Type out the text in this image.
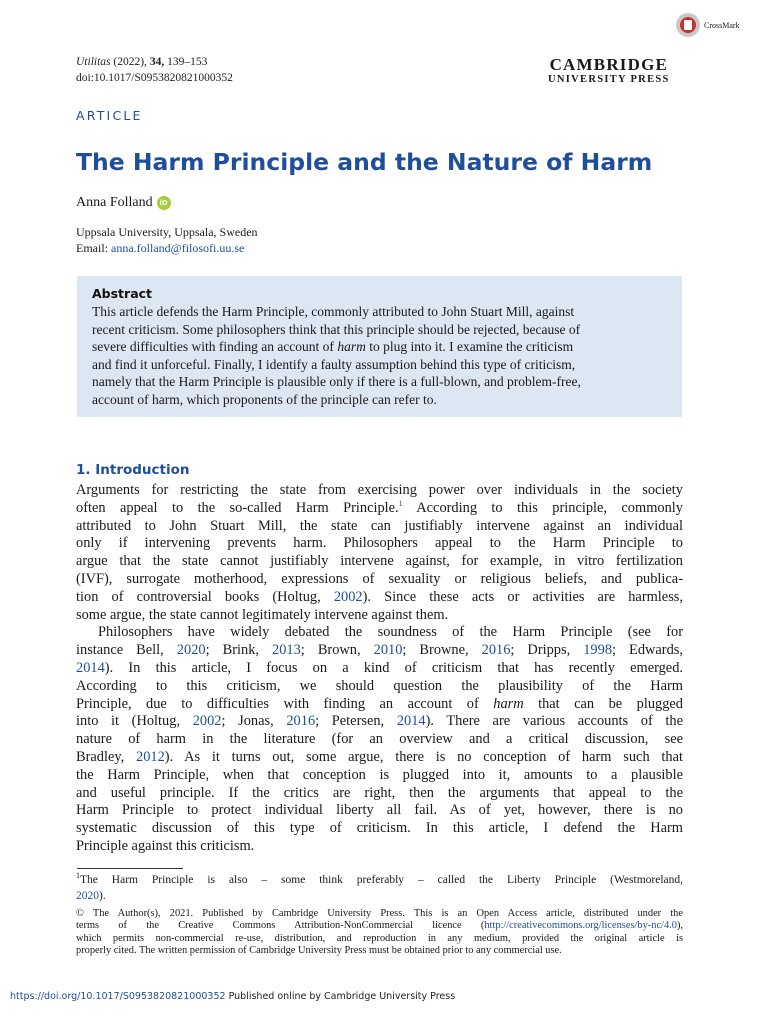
Utilitas (2022), 34, 139–153
doi:10.1017/S0953820821000352
CrossMark
CAMBRIDGE
UNIVERSITY PRESS
ARTICLE
The Harm Principle and the Nature of Harm
Anna Folland iD
Uppsala University, Uppsala, Sweden
Email: anna.folland@filosofi.uu.se
Abstract

This article defends the Harm Principle, commonly attributed to John Stuart Mill, against

recent criticism. Some philosophers think that this principle should be rejected, because of

severe difficulties with finding an account of harm to plug into it. I examine the criticism

and find it unforceful. Finally, I identify a faulty assumption behind this type of criticism,

namely that the Harm Principle is plausible only if there is a full-blown, and problem-free,

account of harm, which proponents of the principle can refer to.

1. Introduction
Arguments for restricting the state from exercising power over individuals in the society
often appeal to the so-called Harm Principle.$^1$ According to this principle, commonly
attributed to John Stuart Mill, the state can justifiably intervene against an individual
only if intervening prevents harm. Philosophers appeal to the Harm Principle to
argue that the state cannot justifiably intervene against, for example, in vitro fertilization
(IVF), surrogate motherhood, expressions of sexuality or religious beliefs, and publica-
tion of controversial books (Holtug, 2002). Since these acts or activities are harmless,
some argue, the state cannot legitimately intervene against them.
Philosophers have widely debated the soundness of the Harm Principle (see for
instance Bell, 2020; Brink, 2013; Brown, 2010; Browne, 2016; Dripps, 1998; Edwards,
2014). In this article, I focus on a kind of criticism that has recently emerged.
According to this criticism, we should question the plausibility of the Harm
Principle, due to difficulties with finding an account of harm that can be plugged
into it (Holtug, 2002; Jonas, 2016; Petersen, 2014). There are various accounts of the
nature of harm in the literature (for an overview and a critical discussion, see
Bradley, 2012). As it turns out, some argue, there is no conception of harm such that
the Harm Principle, when that conception is plugged into it, amounts to a plausible
and useful principle. If the critics are right, then the arguments that appeal to the
Harm Principle to protect individual liberty all fail. As of yet, however, there is no
systematic discussion of this type of criticism. In this article, I defend the Harm
Principle against this criticism.
$^1$The Harm Principle is also – some think preferably – called the Liberty Principle (Westmoreland,
2020).
© The Author(s), 2021. Published by Cambridge University Press. This is an Open Access article, distributed under the
terms of the Creative Commons Attribution-NonCommercial licence (http://creativecommons.org/licenses/by-nc/4.0),
which permits non-commercial re-use, distribution, and reproduction in any medium, provided the original article is
properly cited. The written permission of Cambridge University Press must be obtained prior to any commercial use.
https://doi.org/10.1017/S0953820821000352 Published online by Cambridge University Press
